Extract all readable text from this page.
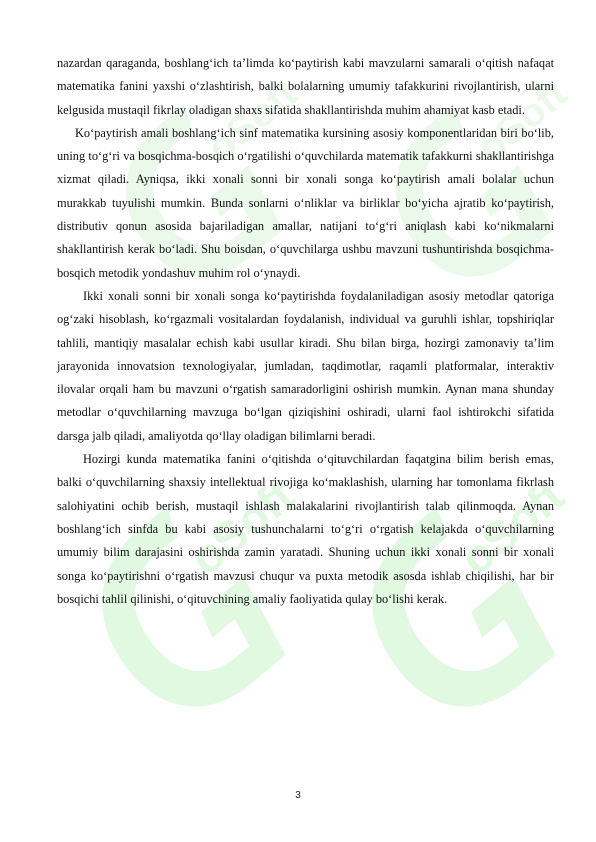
oSoft	oSoft
oSoft	oSoft

nazardan qaraganda, boshlang‘ich ta’limda ko‘paytirish kabi mavzularni samarali o‘qitish nafaqat matematika fanini yaxshi o‘zlashtirish, balki bolalarning umumiy tafakkurini rivojlantirish, ularni kelgusida mustaqil fikrlay oladigan shaxs sifatida shakllantirishda muhim ahamiyat kasb etadi.

Ko‘paytirish amali boshlang‘ich sinf matematika kursining asosiy komponentlaridan biri bo‘lib, uning to‘g‘ri va bosqichma-bosqich o‘rgatilishi o‘quvchilarda matematik tafakkurni shakllantirishga xizmat qiladi. Ayniqsa, ikki xonali sonni bir xonali songa ko‘paytirish amali bolalar uchun murakkab tuyulishi mumkin. Bunda sonlarni o‘nliklar va birliklar bo‘yicha ajratib ko‘paytirish, distributiv qonun asosida bajariladigan amallar, natijani to‘g‘ri aniqlash kabi ko‘nikmalarni shakllantirish kerak bo‘ladi. Shu boisdan, o‘quvchilarga ushbu mavzuni tushuntirishda bosqichma-bosqich metodik yondashuv muhim rol o‘ynaydi.

Ikki xonali sonni bir xonali songa ko‘paytirishda foydalaniladigan asosiy metodlar qatoriga og‘zaki hisoblash, ko‘rgazmali vositalardan foydalanish, individual va guruhli ishlar, topshiriqlar tahlili, mantiqiy masalalar echish kabi usullar kiradi. Shu bilan birga, hozirgi zamonaviy ta’lim jarayonida innovatsion texnologiyalar, jumladan, taqdimotlar, raqamli platformalar, interaktiv ilovalar orqali ham bu mavzuni o‘rgatish samaradorligini oshirish mumkin. Aynan mana shunday metodlar o‘quvchilarning mavzuga bo‘lgan qiziqishini oshiradi, ularni faol ishtirokchi sifatida darsga jalb qiladi, amaliyotda qo‘llay oladigan bilimlarni beradi.

Hozirgi kunda matematika fanini o‘qitishda o‘qituvchilardan faqatgina bilim berish emas, balki o‘quvchilarning shaxsiy intellektual rivojiga ko‘maklashish, ularning har tomonlama fikrlash salohiyatini ochib berish, mustaqil ishlash malakalarini rivojlantirish talab qilinmoqda. Aynan boshlang‘ich sinfda bu kabi asosiy tushunchalarni to‘g‘ri o‘rgatish kelajakda o‘quvchilarning umumiy bilim darajasini oshirishda zamin yaratadi. Shuning uchun ikki xonali sonni bir xonali songa ko‘paytirishni o‘rgatish mavzusi chuqur va puxta metodik asosda ishlab chiqilishi, har bir bosqichi tahlil qilinishi, o‘qituvchining amaliy faoliyatida qulay bo‘lishi kerak.

3
